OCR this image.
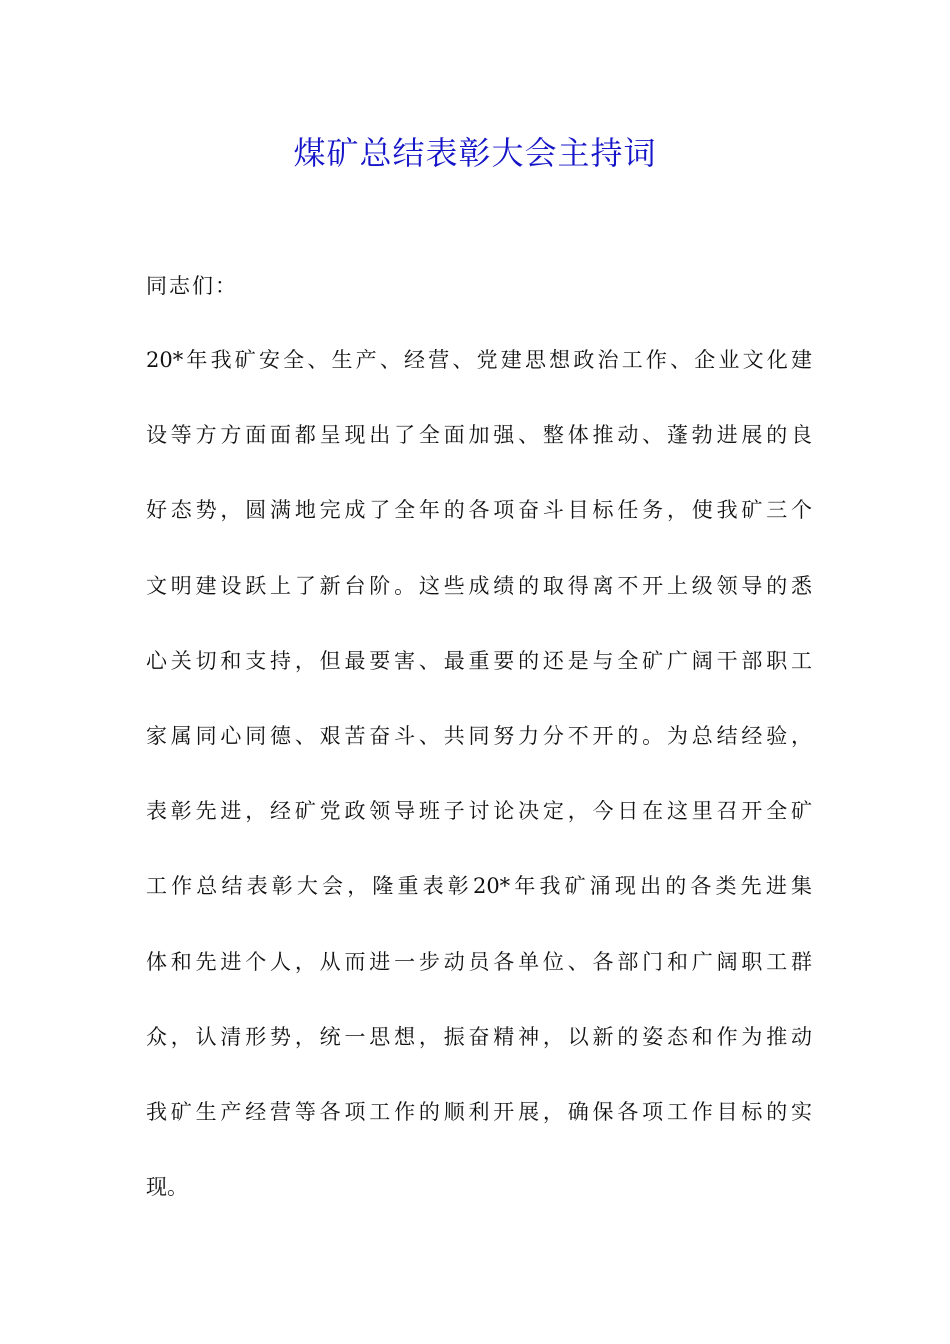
煤矿总结表彰大会主持词
同志们：
20*年我矿安全、生产、经营、党建思想政治工作、企业文化建
设等方方面面都呈现出了全面加强、整体推动、蓬勃进展的良
好态势，圆满地完成了全年的各项奋斗目标任务，使我矿三个
文明建设跃上了新台阶。这些成绩的取得离不开上级领导的悉
心关切和支持，但最要害、最重要的还是与全矿广阔干部职工
家属同心同德、艰苦奋斗、共同努力分不开的。为总结经验，
表彰先进，经矿党政领导班子讨论决定，今日在这里召开全矿
工作总结表彰大会，隆重表彰20*年我矿涌现出的各类先进集
体和先进个人，从而进一步动员各单位、各部门和广阔职工群
众，认清形势，统一思想，振奋精神，以新的姿态和作为推动
我矿生产经营等各项工作的顺利开展，确保各项工作目标的实
现。
